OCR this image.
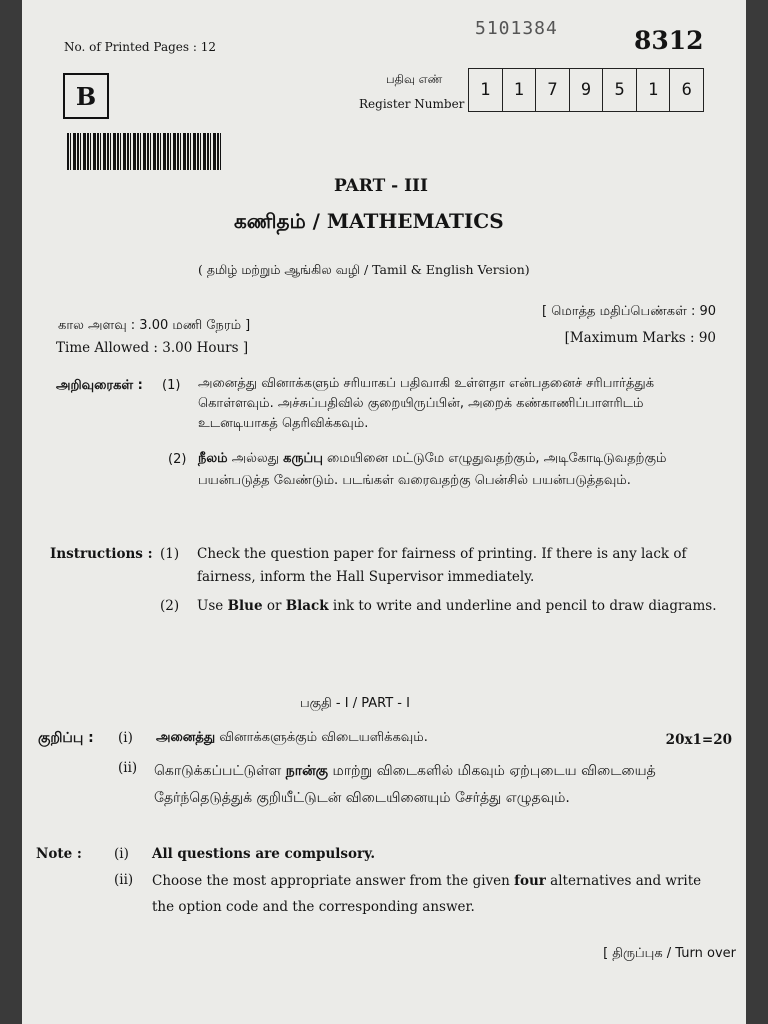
No. of Printed Pages : 12
5101384	8312
B
பதிவு எண்
Register Number
1	1	7	9	5	1	6
PART - III
கணிதம் / MATHEMATICS
( தமிழ் மற்றும் ஆங்கில வழி / Tamil & English Version)
கால அளவு : 3.00 மணி நேரம் ]
Time Allowed : 3.00 Hours ]
[ மொத்த மதிப்பெண்கள் : 90
[Maximum Marks : 90
அறிவுரைகள் : (1) அனைத்து வினாக்களும் சரியாகப் பதிவாகி உள்ளதா என்பதனைச் சரிபார்த்துக் கொள்ளவும். அச்சுப்பதிவில் குறையிருப்பின், அறைக் கண்காணிப்பாளரிடம் உடனடியாகத் தெரிவிக்கவும்.
(2) நீலம் அல்லது கருப்பு மையினை மட்டுமே எழுதுவதற்கும், அடிகோடிடுவதற்கும் பயன்படுத்த வேண்டும். படங்கள் வரைவதற்கு பென்சில் பயன்படுத்தவும்.
Instructions : (1) Check the question paper for fairness of printing. If there is any lack of fairness, inform the Hall Supervisor immediately.
(2) Use Blue or Black ink to write and underline and pencil to draw diagrams.
பகுதி - I / PART - I
குறிப்பு : (i) அனைத்து வினாக்களுக்கும் விடையளிக்கவும்.	20x1=20
(ii) கொடுக்கப்பட்டுள்ள நான்கு மாற்று விடைகளில் மிகவும் ஏற்புடைய விடையைத் தேர்ந்தெடுத்துக் குறியீட்டுடன் விடையினையும் சேர்த்து எழுதவும்.
Note : (i) All questions are compulsory.
(ii) Choose the most appropriate answer from the given four alternatives and write the option code and the corresponding answer.
[ திருப்புக / Turn over
